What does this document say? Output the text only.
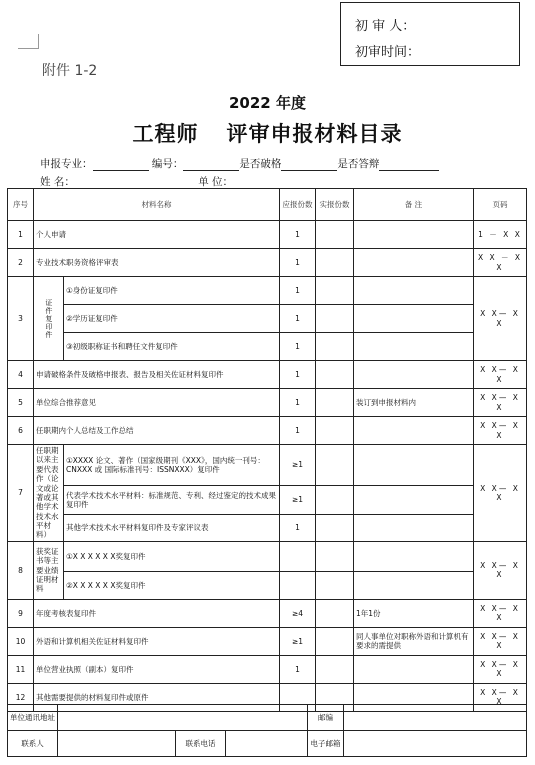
初 审 人：
初审时间：
附件 1-2
2022 年度
工程师 评审申报材料目录
申报专业：	编号：	是否破格	是否答辩
姓 名：	单 位：
序号	材料名称		应报份数	实报份数	备 注	页码
1	个人申请		1			1 － X X
2	专业技术职务资格评审表		1			X X － X X
3	证件复印件	①身份证复印件	1			X X— X X
		②学历证复印件	1			
		③初级职称证书和聘任文件复印件	1			
4	申请破格条件及破格申报表、报告及相关佐证材料复印件		1			X X— X X
5	单位综合推荐意见		1		装订到申报材料内	X X— X X
6	任职期内个人总结及工作总结		1			X X— X X
7	任职期以来主要代表作（论文或论著或其他学术技术水平材料）	①XXXX 论文、著作（国家级期刊《XXX》，国内统一刊号：CNXXX 或 国际标准刊号：ISSNXXX）复印件	≥1			X X— X X
		代表学术技术水平材料：标准规范、专利、经过鉴定的技术成果复印件	≥1			
		其他学术技术水平材料复印件及专家评议表	1			
8	获奖证书等主要业绩证明材料	①X X X X X X奖复印件				X X— X X
		②X X X X X X奖复印件				
9	年度考核表复印件		≥4		1年1份	X X— X X
10	外语和计算机相关佐证材料复印件		≥1		同人事单位对职称外语和计算机有要求的需提供	X X— X X
11	单位营业执照（副本）复印件		1			X X— X X
12	其他需要提供的材料复印件或原件					X X— X X
单位通讯地址				邮编	
联系人		联系电话		电子邮箱	
